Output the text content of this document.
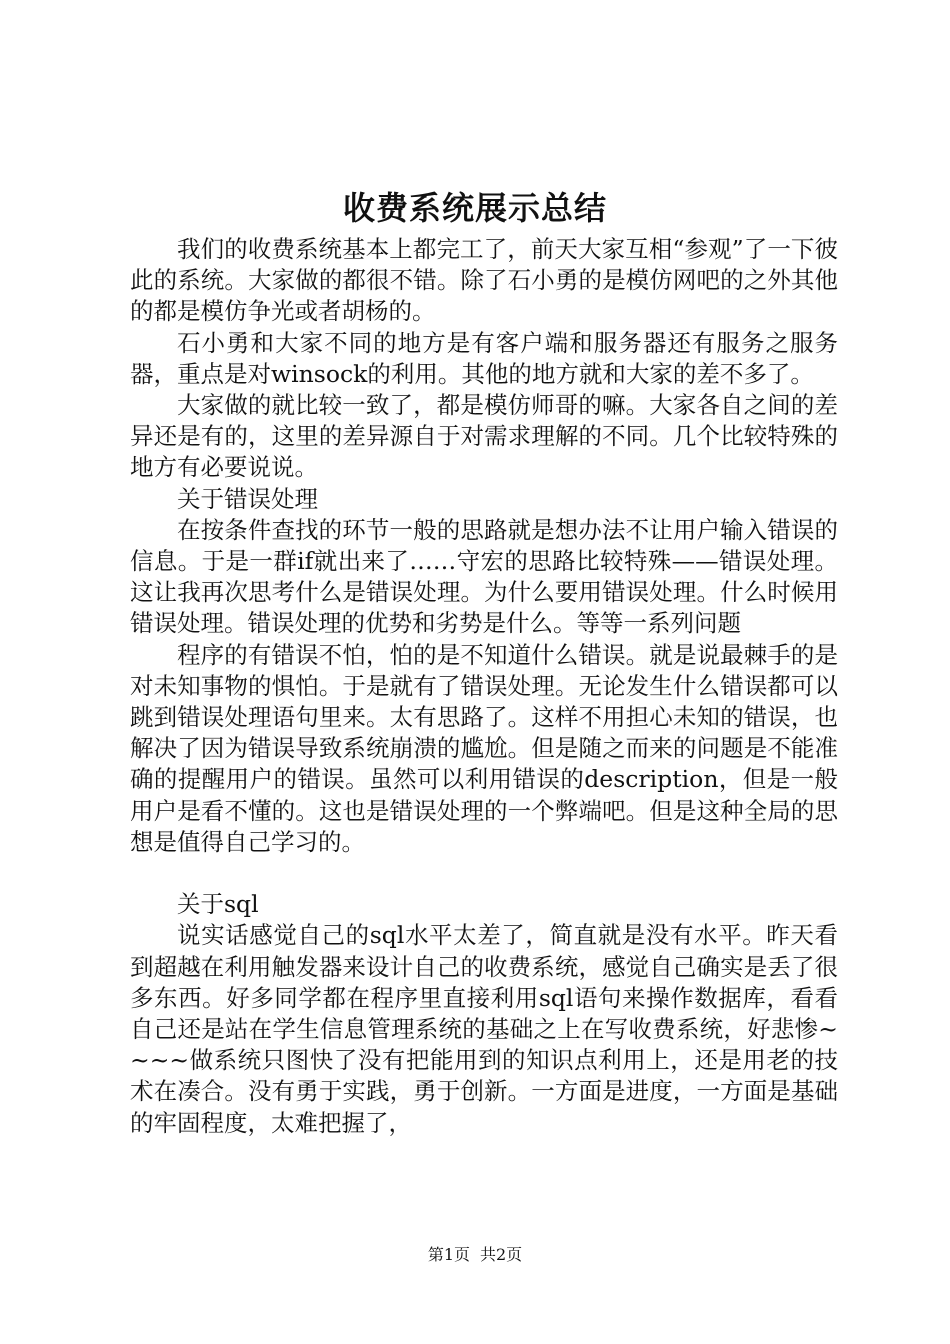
收费系统展示总结

我们的收费系统基本上都完工了，前天大家互相“参观”了一下彼此的系统。大家做的都很不错。除了石小勇的是模仿网吧的之外其他的都是模仿争光或者胡杨的。

石小勇和大家不同的地方是有客户端和服务器还有服务之服务器，重点是对winsock的利用。其他的地方就和大家的差不多了。

大家做的就比较一致了，都是模仿师哥的嘛。大家各自之间的差异还是有的，这里的差异源自于对需求理解的不同。几个比较特殊的地方有必要说说。

关于错误处理

在按条件查找的环节一般的思路就是想办法不让用户输入错误的信息。于是一群if就出来了……守宏的思路比较特殊——错误处理。这让我再次思考什么是错误处理。为什么要用错误处理。什么时候用错误处理。错误处理的优势和劣势是什么。等等一系列问题

程序的有错误不怕，怕的是不知道什么错误。就是说最棘手的是对未知事物的惧怕。于是就有了错误处理。无论发生什么错误都可以跳到错误处理语句里来。太有思路了。这样不用担心未知的错误，也解决了因为错误导致系统崩溃的尴尬。但是随之而来的问题是不能准确的提醒用户的错误。虽然可以利用错误的description，但是一般用户是看不懂的。这也是错误处理的一个弊端吧。但是这种全局的思想是值得自己学习的。

关于sql

说实话感觉自己的sql水平太差了，简直就是没有水平。昨天看到超越在利用触发器来设计自己的收费系统，感觉自己确实是丢了很多东西。好多同学都在程序里直接利用sql语句来操作数据库，看看自己还是站在学生信息管理系统的基础之上在写收费系统，好悲惨~~~~做系统只图快了没有把能用到的知识点利用上，还是用老的技术在凑合。没有勇于实践，勇于创新。一方面是进度，一方面是基础的牢固程度，太难把握了，

第1页 共2页
